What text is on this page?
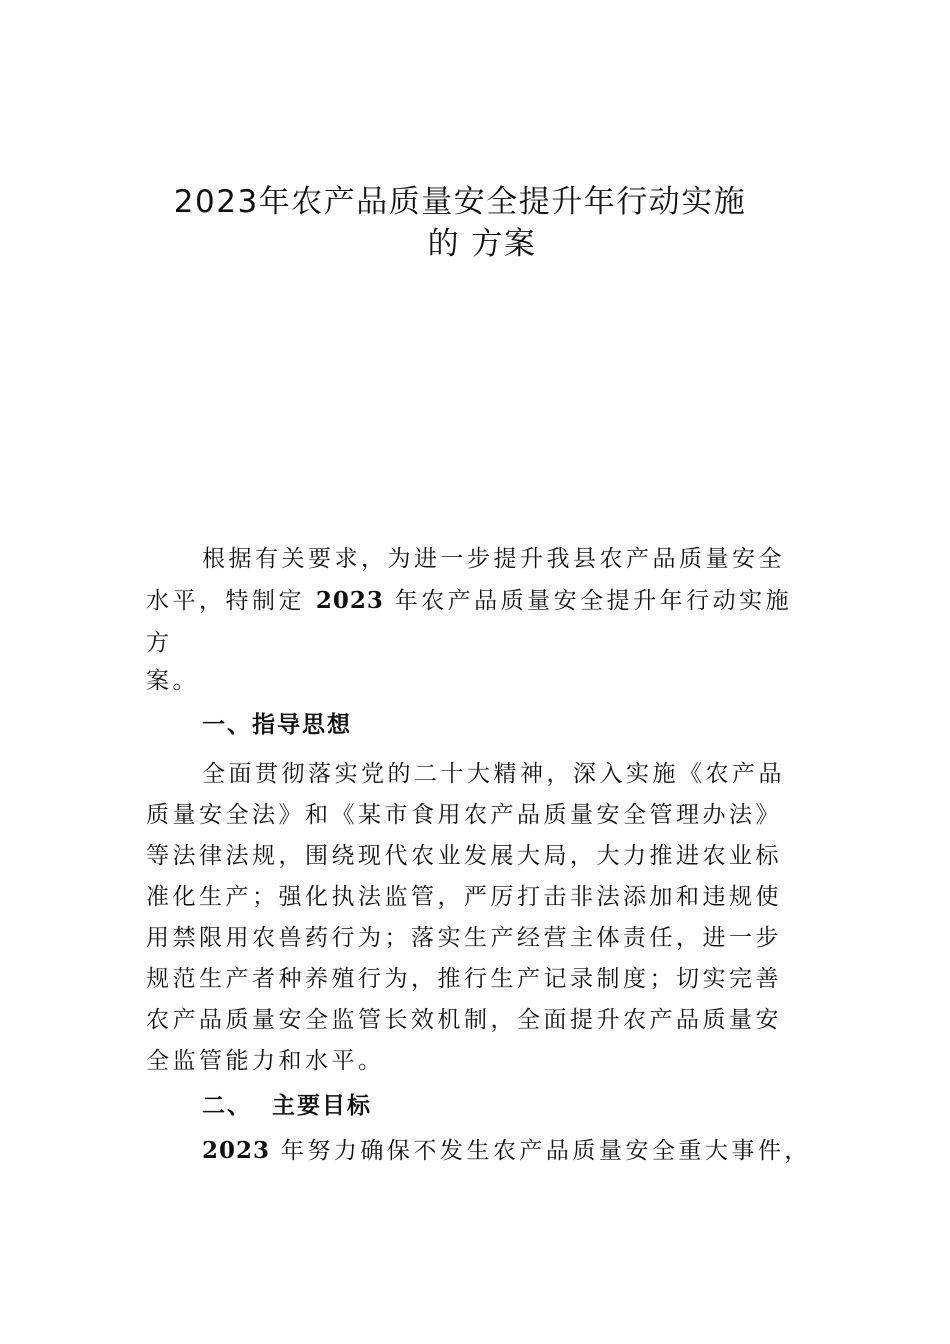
2023年农产品质量安全提升年行动实施
的 方案
根据有关要求，为进一步提升我县农产品质量安全
水平，特制定 2023 年农产品质量安全提升年行动实施
方
案。
一、指导思想
全面贯彻落实党的二十大精神，深入实施《农产品
质量安全法》和《某市食用农产品质量安全管理办法》
等法律法规，围绕现代农业发展大局，大力推进农业标
准化生产；强化执法监管，严厉打击非法添加和违规使
用禁限用农兽药行为；落实生产经营主体责任，进一步
规范生产者种养殖行为，推行生产记录制度；切实完善
农产品质量安全监管长效机制，全面提升农产品质量安
全监管能力和水平。
二、  主要目标
2023 年努力确保不发生农产品质量安全重大事件，
